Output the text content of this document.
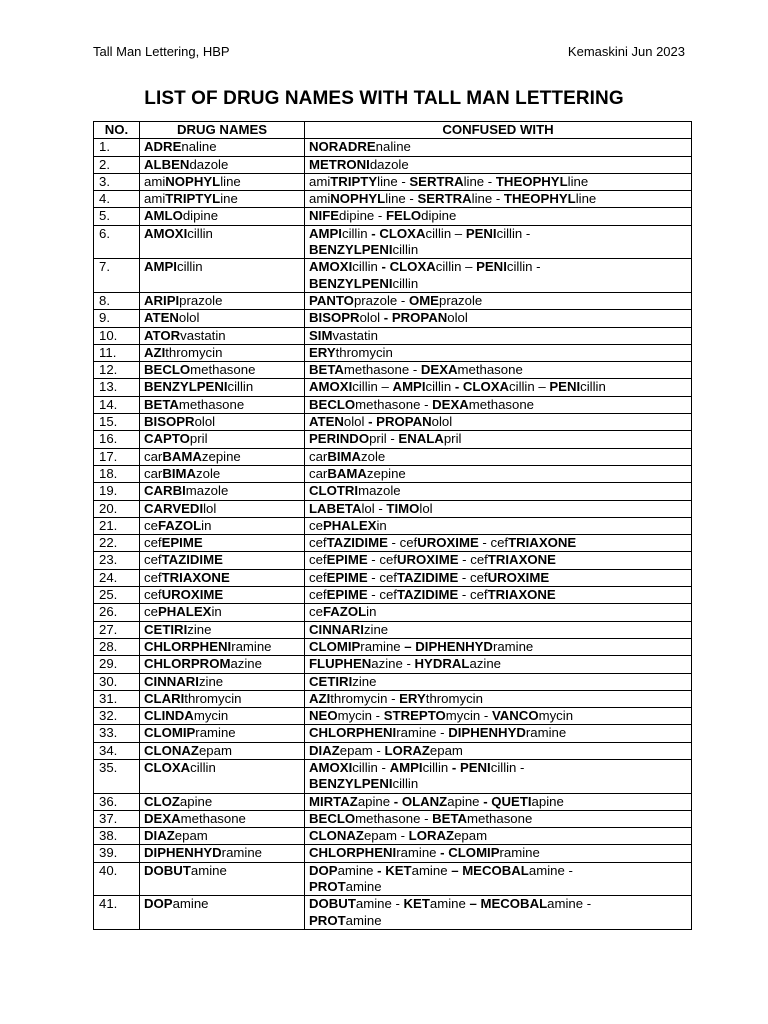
Tall Man Lettering, HBP	Kemaskini Jun 2023
LIST OF DRUG NAMES WITH TALL MAN LETTERING
NO.	DRUG NAMES	CONFUSED WITH
1.	ADREnaline	NORADREnaline
2.	ALBENdazole	METRONIdazole
3.	amiNOPHYLline	amiTRIPTYline - SERTRAline - THEOPHYLline
4.	amiTRIPTYLine	amiNOPHYLline - SERTRAline - THEOPHYLline
5.	AMLOdipine	NIFEdipine - FELOdipine
6.	AMOXIcillin	AMPIcillin - CLOXAcillin – PENIcillin -
BENZYLPENIcillin
7.	AMPIcillin	AMOXIcillin - CLOXAcillin – PENIcillin -
BENZYLPENIcillin
8.	ARIPIprazole	PANTOprazole - OMEprazole
9.	ATENolol	BISOPRolol - PROPANolol
10.	ATORvastatin	SIMvastatin
11.	AZIthromycin	ERYthromycin
12.	BECLOmethasone	BETAmethasone - DEXAmethasone
13.	BENZYLPENIcillin	AMOXIcillin – AMPIcillin - CLOXAcillin – PENIcillin
14.	BETAmethasone	BECLOmethasone - DEXAmethasone
15.	BISOPRolol	ATENolol - PROPANolol
16.	CAPTOpril	PERINDOpril - ENALApril
17.	carBAMAzepine	carBIMAzole
18.	carBIMAzole	carBAMAzepine
19.	CARBImazole	CLOTRImazole
20.	CARVEDIlol	LABETAlol - TIMOlol
21.	ceFAZOLin	cePHALEXin
22.	cefEPIME	cefTAZIDIME - cefUROXIME - cefTRIAXONE
23.	cefTAZIDIME	cefEPIME - cefUROXIME - cefTRIAXONE
24.	cefTRIAXONE	cefEPIME - cefTAZIDIME - cefUROXIME
25.	cefUROXIME	cefEPIME - cefTAZIDIME - cefTRIAXONE
26.	cePHALEXin	ceFAZOLin
27.	CETIRIzine	CINNARIzine
28.	CHLORPHENIramine	CLOMIPramine – DIPHENHYDramine
29.	CHLORPROMazine	FLUPHENazine - HYDRALazine
30.	CINNARIzine	CETIRIzine
31.	CLARIthromycin	AZIthromycin - ERYthromycin
32.	CLINDAmycin	NEOmycin - STREPTOmycin - VANCOmycin
33.	CLOMIPramine	CHLORPHENIramine - DIPHENHYDramine
34.	CLONAZepam	DIAZepam - LORAZepam
35.	CLOXAcillin	AMOXIcillin - AMPIcillin - PENIcillin -
BENZYLPENIcillin
36.	CLOZapine	MIRTAZapine - OLANZapine - QUETIapine
37.	DEXAmethasone	BECLOmethasone - BETAmethasone
38.	DIAZepam	CLONAZepam - LORAZepam
39.	DIPHENHYDramine	CHLORPHENIramine - CLOMIPramine
40.	DOBUTamine	DOPamine - KETamine – MECOBALamine -
PROTamine
41.	DOPamine	DOBUTamine - KETamine – MECOBALamine -
PROTamine
